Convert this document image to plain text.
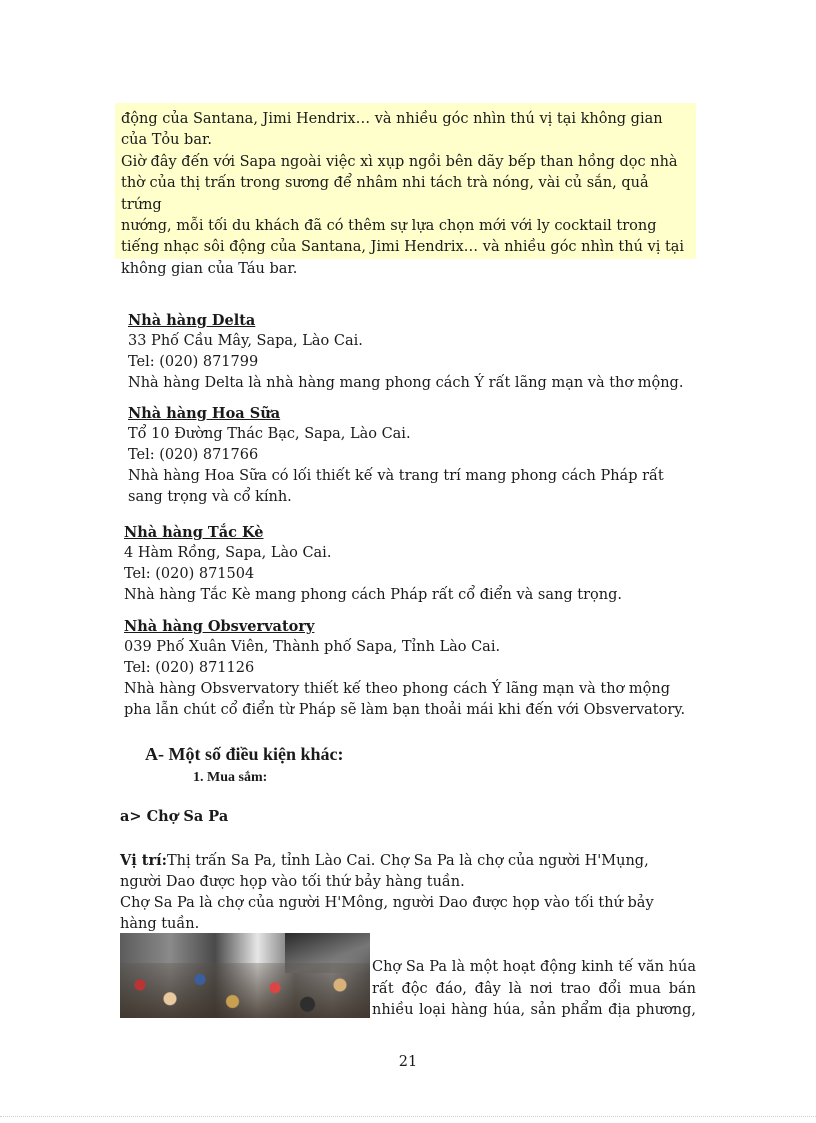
động của Santana, Jimi Hendrix… và nhiều góc nhìn thú vị tại không gian

của Tỏu bar.

Giờ đây đến với Sapa ngoài việc xì xụp ngồi bên dãy bếp than hồng dọc nhà

thờ của thị trấn trong sương để nhâm nhi tách trà nóng, vài củ sắn, quả trứng

nướng, mỗi tối du khách đã có thêm sự lựa chọn mới với ly cocktail trong

tiếng nhạc sôi động của Santana, Jimi Hendrix… và nhiều góc nhìn thú vị tại

không gian của Táu bar.

Nhà hàng Delta
33 Phố Cầu Mây, Sapa, Lào Cai.
Tel: (020) 871799
Nhà hàng Delta là nhà hàng mang phong cách Ý rất lãng mạn và thơ mộng.
Nhà hàng Hoa Sữa
Tổ 10 Đường Thác Bạc, Sapa, Lào Cai.
Tel: (020) 871766
Nhà hàng Hoa Sữa có lối thiết kế và trang trí mang phong cách Pháp rất
sang trọng và cổ kính.
Nhà hàng Tắc Kè
4 Hàm Rồng, Sapa, Lào Cai.
Tel: (020) 871504
Nhà hàng Tắc Kè mang phong cách Pháp rất cổ điển và sang trọng.
Nhà hàng Obsvervatory
039 Phố Xuân Viên, Thành phố Sapa, Tỉnh Lào Cai.
Tel: (020) 871126
Nhà hàng Obsvervatory thiết kế theo phong cách Ý lãng mạn và thơ mộng
pha lẫn chút cổ điển từ Pháp sẽ làm bạn thoải mái khi đến với Obsvervatory.
A- Một số điều kiện khác:
1. Mua sắm:
a> Chợ Sa Pa

Vị trí:Thị trấn Sa Pa, tỉnh Lào Cai. Chợ Sa Pa là chợ của người H'Mụng,

người Dao được họp vào tối thứ bảy hàng tuần.

Chợ Sa Pa là chợ của người H'Mông, người Dao được họp vào tối thứ bảy

hàng tuần.

Chợ Sa Pa là một hoạt động kinh tế văn húa
rất độc đáo, đây là nơi trao đổi mua bán
nhiều loại hàng húa, sản phẩm địa phương,
21
